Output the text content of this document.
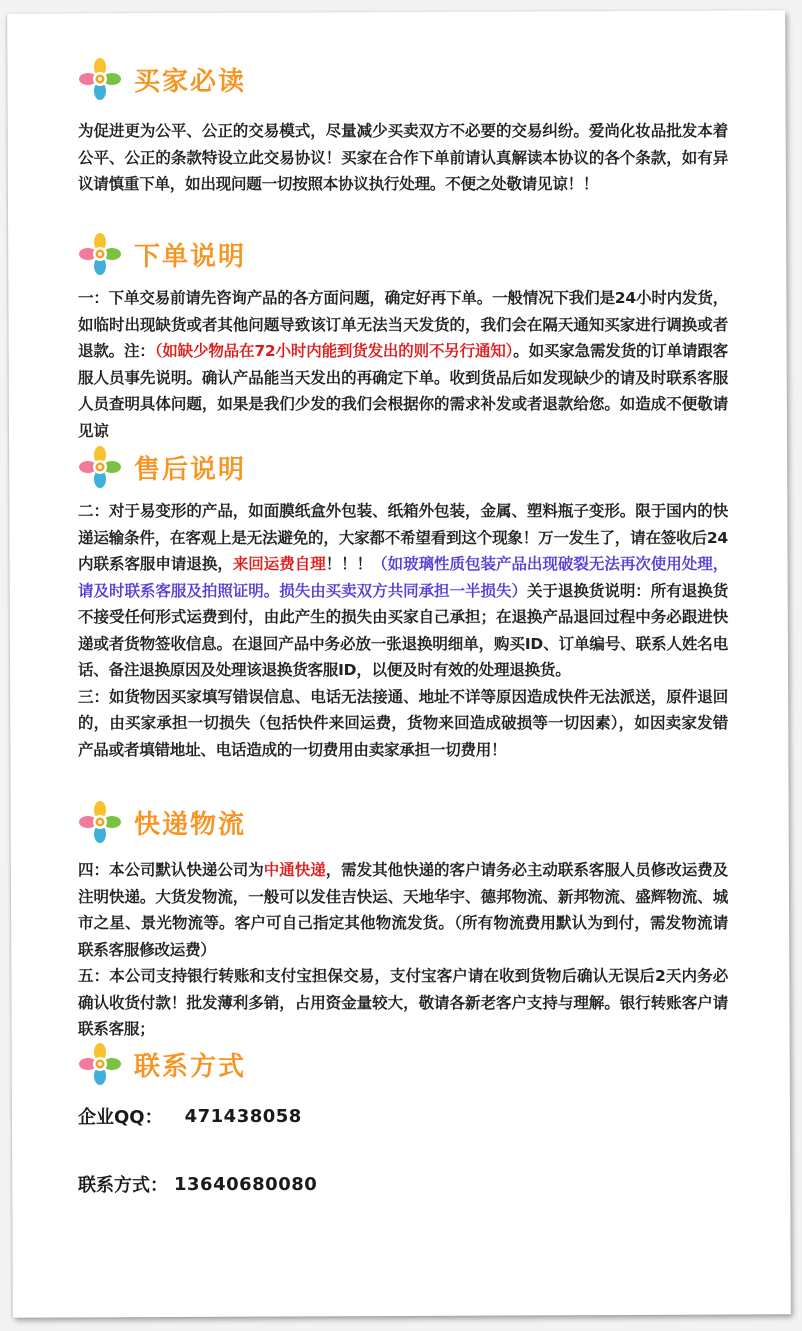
买家必读

为促进更为公平、公正的交易模式，尽量减少买卖双方不必要的交易纠纷。爱尚化妆品批发本着公平、公正的条款特设立此交易协议！买家在合作下单前请认真解读本协议的各个条款，如有异议请慎重下单，如出现问题一切按照本协议执行处理。不便之处敬请见谅！！

下单说明

一：下单交易前请先咨询产品的各方面问题，确定好再下单。一般情况下我们是24小时内发货，如临时出现缺货或者其他问题导致该订单无法当天发货的，我们会在隔天通知买家进行调换或者退款。注：（如缺少物品在72小时内能到货发出的则不另行通知）。如买家急需发货的订单请跟客服人员事先说明。确认产品能当天发出的再确定下单。收到货品后如发现缺少的请及时联系客服人员查明具体问题，如果是我们少发的我们会根据你的需求补发或者退款给您。如造成不便敬请见谅

售后说明

二：对于易变形的产品，如面膜纸盒外包装、纸箱外包装，金属、塑料瓶子变形。限于国内的快递运输条件，在客观上是无法避免的，大家都不希望看到这个现象！万一发生了，请在签收后24内联系客服申请退换，来回运费自理！！！（如玻璃性质包装产品出现破裂无法再次使用处理，请及时联系客服及拍照证明。损失由买卖双方共同承担一半损失）关于退换货说明：所有退换货不接受任何形式运费到付，由此产生的损失由买家自己承担；在退换产品退回过程中务必跟进快递或者货物签收信息。在退回产品中务必放一张退换明细单，购买ID、订单编号、联系人姓名电话、备注退换原因及处理该退换货客服ID，以便及时有效的处理退换货。

三：如货物因买家填写错误信息、电话无法接通、地址不详等原因造成快件无法派送，原件退回的，由买家承担一切损失（包括快件来回运费，货物来回造成破损等一切因素），如因卖家发错产品或者填错地址、电话造成的一切费用由卖家承担一切费用！

快递物流

四：本公司默认快递公司为中通快递，需发其他快递的客户请务必主动联系客服人员修改运费及注明快递。大货发物流，一般可以发佳吉快运、天地华宇、德邦物流、新邦物流、盛辉物流、城市之星、景光物流等。客户可自己指定其他物流发货。（所有物流费用默认为到付，需发物流请联系客服修改运费）

五：本公司支持银行转账和支付宝担保交易，支付宝客户请在收到货物后确认无误后2天内务必确认收货付款！批发薄利多销，占用资金量较大，敬请各新老客户支持与理解。银行转账客户请联系客服；

联系方式
企业QQ： 471438058
联系方式： 13640680080
